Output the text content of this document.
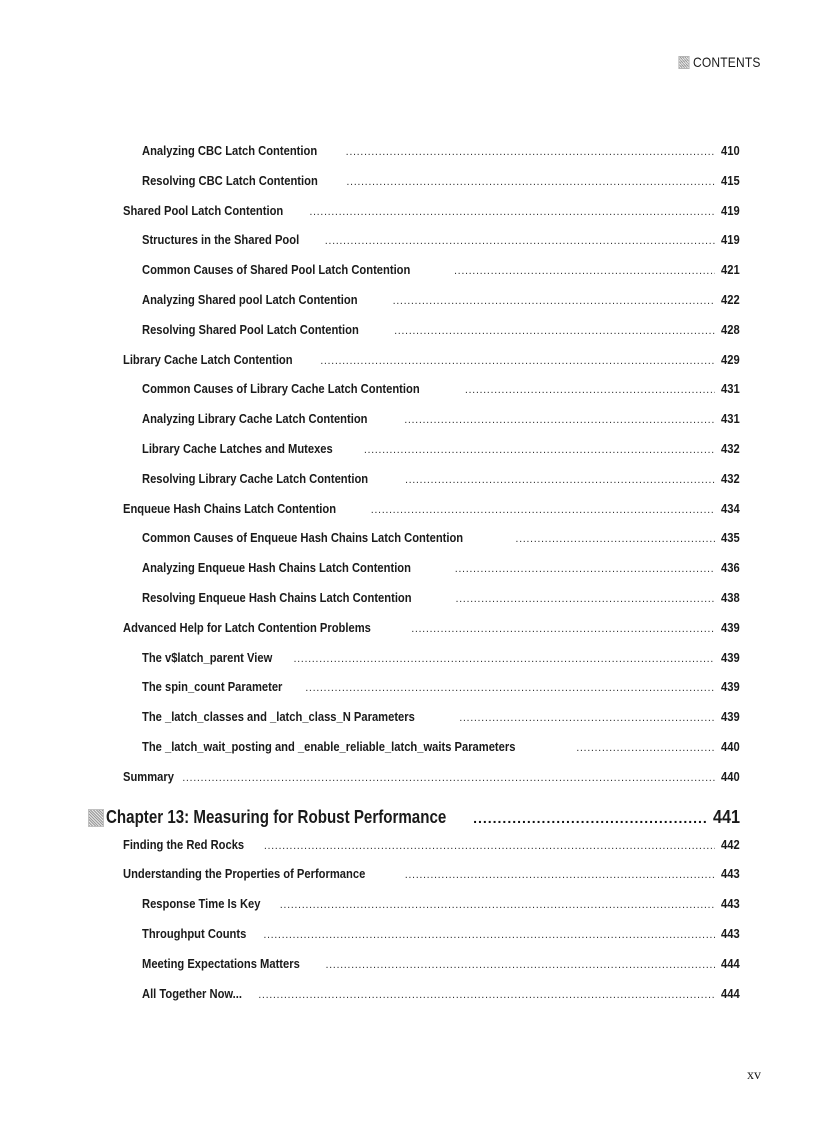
CONTENTS
Analyzing CBC Latch Contention .....	410
Resolving CBC Latch Contention .....	415
Shared Pool Latch Contention .....	419
Structures in the Shared Pool .....	419
Common Causes of Shared Pool Latch Contention .....	421
Analyzing Shared pool Latch Contention .....	422
Resolving Shared Pool Latch Contention .....	428
Library Cache Latch Contention .....	429
Common Causes of Library Cache Latch Contention .....	431
Analyzing Library Cache Latch Contention .....	431
Library Cache Latches and Mutexes .....	432
Resolving Library Cache Latch Contention .....	432
Enqueue Hash Chains Latch Contention .....	434
Common Causes of Enqueue Hash Chains Latch Contention .....	435
Analyzing Enqueue Hash Chains Latch Contention .....	436
Resolving Enqueue Hash Chains Latch Contention .....	438
Advanced Help for Latch Contention Problems .....	439
The v$latch_parent View .....	439
The spin_count Parameter .....	439
The _latch_classes and _latch_class_N Parameters .....	439
The _latch_wait_posting and _enable_reliable_latch_waits Parameters .....	440
Summary .....	440
Chapter 13: Measuring for Robust Performance .....	441
Finding the Red Rocks .....	442
Understanding the Properties of Performance .....	443
Response Time Is Key .....	443
Throughput Counts .....	443
Meeting Expectations Matters .....	444
All Together Now... .....	444
xv
